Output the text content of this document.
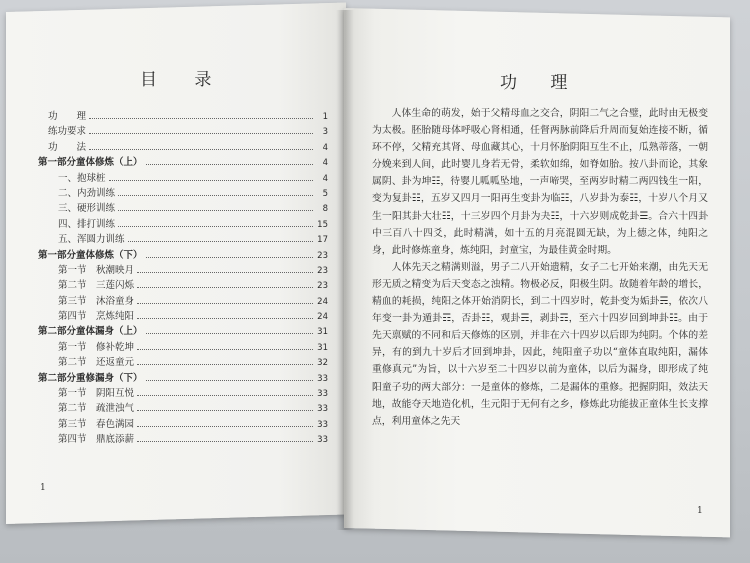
目 录
功　　理	1
练功要求	3
功　　法	4
第一部分童体修炼（上）	4
一、抱球桩	4
二、内劲训练	5
三、硬形训练	8
四、排打训练	15
五、浑圆力训练	17
第一部分童体修炼（下）	23
第一节 秋潮映月	23
第二节 三莲闪烁	23
第三节 沐浴童身	24
第四节 烹炼纯阳	24
第二部分童体漏身（上）	31
第一节 修补乾坤	31
第二节 还返童元	32
第二部分重修漏身（下）	33
第一节 阴阳互悦	33
第二节 疏泄浊气	33
第三节 春色满园	33
第四节 鼎底添薪	33
1
功 理

人体生命的萌发，始于父精母血之交合，阴阳二气之合璧，此时由无极变为太极。胚胎随母体呼吸心肾相通，任督两脉前降后升周而复始连接不断，循环不停，父精充其肾、母血藏其心，十月怀胎阴阳互生不止，瓜熟蒂落，一朝分娩来到人间，此时婴儿身若无骨，柔软如绵，如脊如胎。按八卦而论，其象属阴、卦为坤☷，待婴儿呱呱坠地，一声啼哭，至两岁时精二两四钱生一阳，变为复卦☷，五岁又四月一阳再生变卦为临☷，八岁卦为泰☷，十岁八个月又生一阳其卦大壮☷，十三岁四个月卦为夬☷，十六岁则成乾卦☰。合六十四卦中三百八十四爻，此时精满，如十五的月亮混圆无缺，为上德之体，纯阳之身，此时修炼童身，炼纯阳，封童宝，为最佳黄金时期。

人体先天之精满则溢，男子二八开始遗精，女子二七开始来潮，由先天无形无质之精变为后天变态之浊精。物极必反，阳极生阴。故随着年龄的增长，精血的耗损，纯阳之体开始消阴长，到二十四岁时，乾卦变为姤卦☴，依次八年变一卦为遁卦☶，否卦☷，观卦☴，剥卦☶，至六十四岁回到坤卦☷。由于先天禀赋的不同和后天修炼的区别，并非在六十四岁以后即为纯阴。个体的差异，有的到九十岁后才回到坤卦，因此，纯阳童子功以“童体直取纯阳，漏体重修真元”为旨，以十六岁至二十四岁以前为童体，以后为漏身，即形成了纯阳童子功的两大部分：一是童体的修炼，二是漏体的重修。把握阴阳，效法天地，故能夺天地造化机，生元阳于无何有之乡，修炼此功能拔正童体生长支撑点，利用童体之先天

1
